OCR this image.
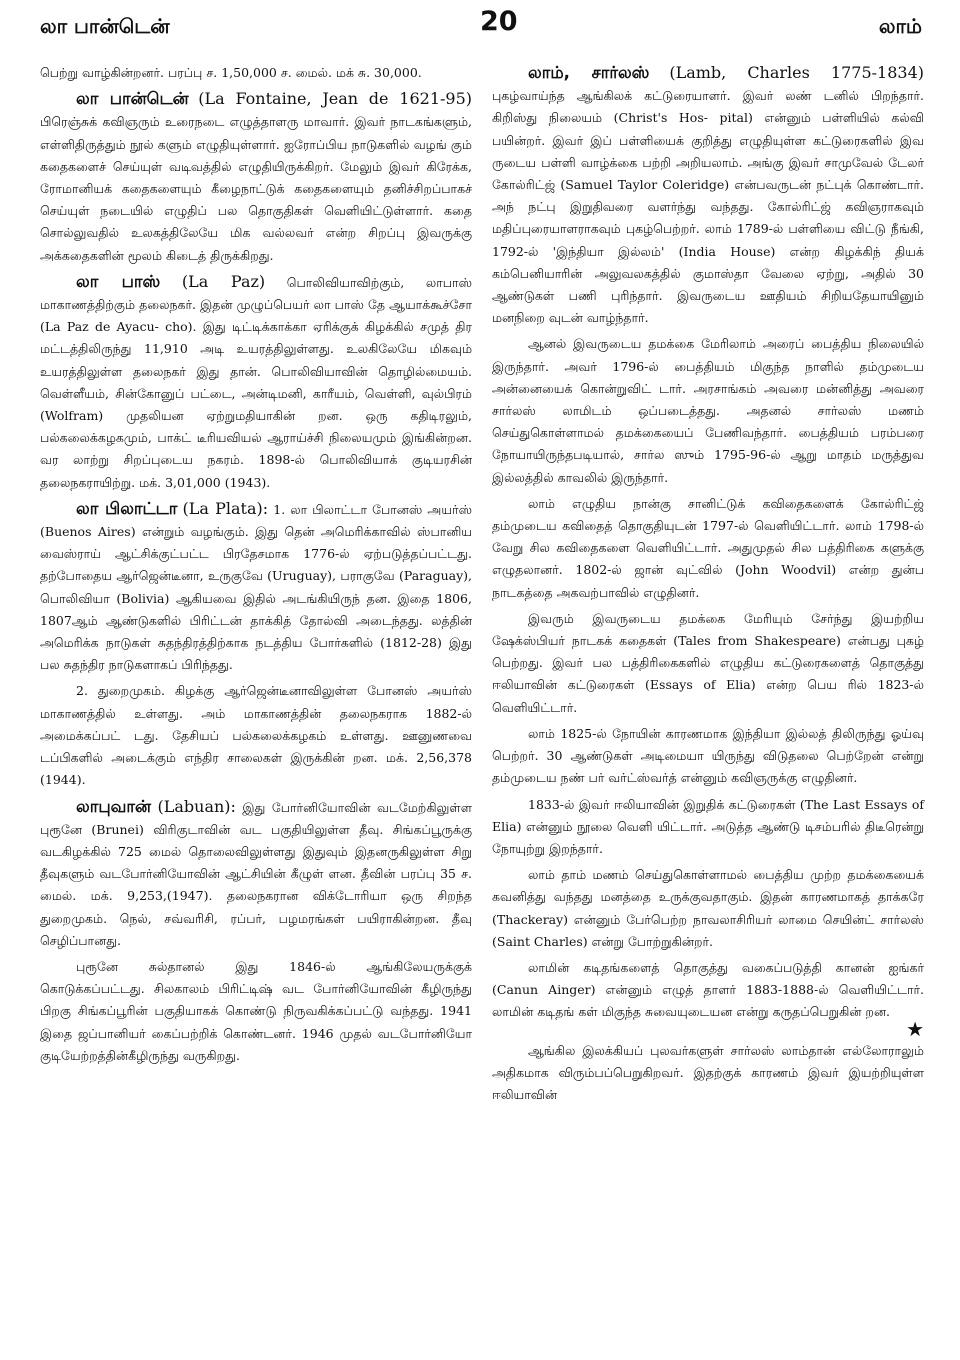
லா பான்டென்	20	லாம்

பெற்று வாழ்கின்றனர். பரப்பு ச. 1,50,000 ச. மைல். மக் சு. 30,000.

லா பான்டென் (La Fontaine, Jean de 1621-95) பிரெஞ்சுக் கவிஞரும் உரைநடை எழுத்தாளரு மாவார். இவர் நாடகங்களும், எள்ளிதிருத்தும் நூல் களும் எழுதியுள்ளார். ஐரோப்பிய நாடுகளில் வழங் கும் கதைகளைச் செய்யுள் வடிவத்தில் எழுதியிருக்கிறர். மேலும் இவர் கிரேக்க, ரோமானியக் கதைகளையும் கீழைநாட்டுக் கதைகளையும் தனிச்சிறப்பாகச் செய்யுள் நடையில் எழுதிப் பல தொகுதிகள் வெளியிட்டுள்ளார். கதை சொல்லுவதில் உலகத்திலேயே மிக வல்லவர் என்ற சிறப்பு இவருக்கு அக்கதைகளின் மூலம் கிடைத் திருக்கிறது.

லா பாஸ் (La Paz) பொலிவியாவிற்கும், லாபாஸ் மாகாணத்திற்கும் தலைநகர். இதன் முழுப்பெயர் லா பாஸ் தே ஆயாக்கூச்சோ (La Paz de Ayacu- cho). இது டிட்டிக்காக்கா ஏரிக்குக் கிழக்கில் சமுத் திர மட்டத்திலிருந்து 11,910 அடி உயரத்திலுள்ளது. உலகிலேயே மிகவும் உயரத்திலுள்ள தலைநகர் இது தான். பொலிவியாவின் தொழில்மையம். வெள்ளீயம், சின்கோனுப் பட்டை, அன்டிமனி, காரீயம், வெள்ளி, வுல்பிரம் (Wolfram) முதலியன ஏற்றுமதியாகின் றன. ஒரு கதிடிரலும், பல்கலைக்கழகமும், பாக்ட் டீரியவியல் ஆராய்ச்சி நிலையமும் இங்கின்றன. வர லாற்று சிறப்புடைய நகரம். 1898-ல் பொலிவியாக் குடியரசின் தலைநகராயிற்று. மக். 3,01,000 (1943).

லா பிலாட்டா (La Plata): 1. லா பிலாட்டா போனஸ் அயர்ஸ் (Buenos Aires) என்றும் வழங்கும். இது தென் அமெரிக்காவில் ஸ்பானிய வைஸ்ராய் ஆட்சிக்குட்பட்ட பிரதேசமாக 1776-ல் ஏற்படுத்தப்பட்டது. தற்போதைய ஆர்ஜென்டீனா, உருகுவே (Uruguay), பராகுவே (Paraguay), பொலிவியா (Bolivia) ஆகியவை இதில் அடங்கியிருந் தன. இதை 1806, 1807ஆம் ஆண்டுகளில் பிரிட்டன் தாக்கித் தோல்வி அடைந்தது. லத்தின் அமெரிக்க நாடுகள் சுதந்திரத்திற்காக நடத்திய போர்களில் (1812-28) இது பல சுதந்திர நாடுகளாகப் பிரிந்தது.

2. துறைமுகம். கிழக்கு ஆர்ஜென்டீனாவிலுள்ள போனஸ் அயர்ஸ் மாகாணத்தில் உள்ளது. அம் மாகாணத்தின் தலைநகராக 1882-ல் அமைக்கப்பட் டது. தேசியப் பல்கலைக்கழகம் உள்ளது. ஊனுணவை டப்பிகளில் அடைக்கும் எந்திர சாலைகள் இருக்கின் றன. மக். 2,56,378 (1944).

லாபுவான் (Labuan): இது போர்னியோவின் வடமேற்கிலுள்ள புரூனே (Brunei) விரிகுடாவின் வட பகுதியிலுள்ள தீவு. சிங்கப்பூருக்கு வடகிழக்கில் 725 மைல் தொலைவிலுள்ளது இதுவும் இதனருகிலுள்ள சிறு தீவுகளும் வடபோர்னியோவின் ஆட்சியின் கீழுள் ளன. தீவின் பரப்பு 35 ச. மைல். மக். 9,253,(1947). தலைநகரான விக்டோரியா ஒரு சிறந்த துறைமுகம். நெல், சவ்வரிசி, ரப்பர், பழமரங்கள் பயிராகின்றன. தீவு செழிப்பானது.

புரூனே சுல்தானல் இது 1846-ல் ஆங்கிலேயருக்குக் கொடுக்கப்பட்டது. சிலகாலம் பிரிட்டிஷ் வட போர்னியோவின் கீழிருந்து பிறகு சிங்கப்பூரின் பகுதியாகக் கொண்டு நிருவகிக்கப்பட்டு வந்தது. 1941 இதை ஜப்பானியர் கைப்பற்றிக் கொண்டனர். 1946 முதல் வடபோர்னியோ குடியேற்றத்தின்கீழிருந்து வருகிறது.

லாம், சார்லஸ் (Lamb, Charles 1775-1834) புகழ்வாய்ந்த ஆங்கிலக் கட்டுரையாளர். இவர் லண் டனில் பிறந்தார். கிறிஸ்து நிலையம் (Christ's Hos- pital) என்னும் பள்ளியில் கல்வி பயின்றர். இவர் இப் பள்ளியைக் குறித்து எழுதியுள்ள கட்டுரைகளில் இவ ருடைய பள்ளி வாழ்க்கை பற்றி அறியலாம். அங்கு இவர் சாமுவேல் டேலர் கோல்ரிட்ஜ் (Samuel Taylor Coleridge) என்பவருடன் நட்புக் கொண்டார். அந் நட்பு இறுதிவரை வளர்ந்து வந்தது. கோல்ரிட்ஜ் கவிஞராகவும் மதிப்புரையாளராகவும் புகழ்பெற்றர். லாம் 1789-ல் பள்ளியை விட்டு நீங்கி, 1792-ல் 'இந்தியா இல்லம்' (India House) என்ற கிழக்கிந் தியக் கம்பெனியாரின் அலுவலகத்தில் குமாஸ்தா வேலை ஏற்று, அதில் 30 ஆண்டுகள் பணி புரிந்தார். இவருடைய ஊதியம் சிறியதேயாயினும் மனநிறை வுடன் வாழ்ந்தார்.

ஆனல் இவருடைய தமக்கை மேரிலாம் அரைப் பைத்திய நிலையில் இருந்தார். அவர் 1796-ல் பைத்தியம் மிகுந்த நாளில் தம்முடைய அன்னையைக் கொன்றுவிட் டார். அரசாங்கம் அவரை மன்னித்து அவரை சார்லஸ் லாமிடம் ஒப்படைத்தது. அதனல் சார்லஸ் மணம் செய்துகொள்ளாமல் தமக்கையைப் பேணிவந்தார். பைத்தியம் பரம்பரை நோயாயிருந்தபடியால், சார்ல ஸும் 1795-96-ல் ஆறு மாதம் மருத்துவ இல்லத்தில் காவலில் இருந்தார்.

லாம் எழுதிய நான்கு சானிட்டுக் கவிதைகளைக் கோல்ரிட்ஜ் தம்முடைய கவிதைத் தொகுதியுடன் 1797-ல் வெளியிட்டார். லாம் 1798-ல் வேறு சில கவிதைகளை வெளியிட்டார். அதுமுதல் சில பத்திரிகை களுக்கு எழுதலானர். 1802-ல் ஜான் வுட்வில் (John Woodvil) என்ற துன்ப நாடகத்தை அகவற்பாவில் எழுதினர்.

இவரும் இவருடைய தமக்கை மேரியும் சேர்ந்து இயற்றிய ஷேக்ஸ்பியர் நாடகக் கதைகள் (Tales from Shakespeare) என்பது புகழ் பெற்றது. இவர் பல பத்திரிகைகளில் எழுதிய கட்டுரைகளைத் தொகுத்து ஈலியாவின் கட்டுரைகள் (Essays of Elia) என்ற பெய ரில் 1823-ல் வெளியிட்டார்.

லாம் 1825-ல் நோயின் காரணமாக இந்தியா இல்லத் திலிருந்து ஓய்வு பெற்றர். 30 ஆண்டுகள் அடிமையா யிருந்து விடுதலை பெற்றேன் என்று தம்முடைய நண் பர் வர்ட்ஸ்வர்த் என்னும் கவிஞருக்கு எழுதினர்.

1833-ல் இவர் ஈலியாவின் இறுதிக் கட்டுரைகள் (The Last Essays of Elia) என்னும் நூலை வெளி யிட்டார். அடுத்த ஆண்டு டிசம்பரில் திடீரென்று நோயுற்று இறந்தார்.

லாம் தாம் மணம் செய்துகொள்ளாமல் பைத்திய முற்ற தமக்கையைக் கவனித்து வந்தது மனத்தை உருக்குவதாகும். இதன் காரணமாகத் தாக்கரே (Thackeray) என்னும் பேர்பெற்ற நாவலாசிரியர் லாமை செயின்ட் சார்லஸ் (Saint Charles) என்று போற்றுகின்றர்.

லாமின் கடிதங்களைத் தொகுத்து வகைப்படுத்தி கானன் ஐங்கர் (Canun Ainger) என்னும் எழுத் தாளர் 1883-1888-ல் வெளியிட்டார். லாமின் கடிதங் கள் மிகுந்த சுவையுடையன என்று கருதப்பெறுகின் றன.

★

ஆங்கில இலக்கியப் புலவர்களுள் சார்லஸ் லாம்தான் எல்லோராலும் அதிகமாக விரும்பப்பெறுகிறவர். இதற்குக் காரணம் இவர் இயற்றியுள்ள ஈலியாவின்
